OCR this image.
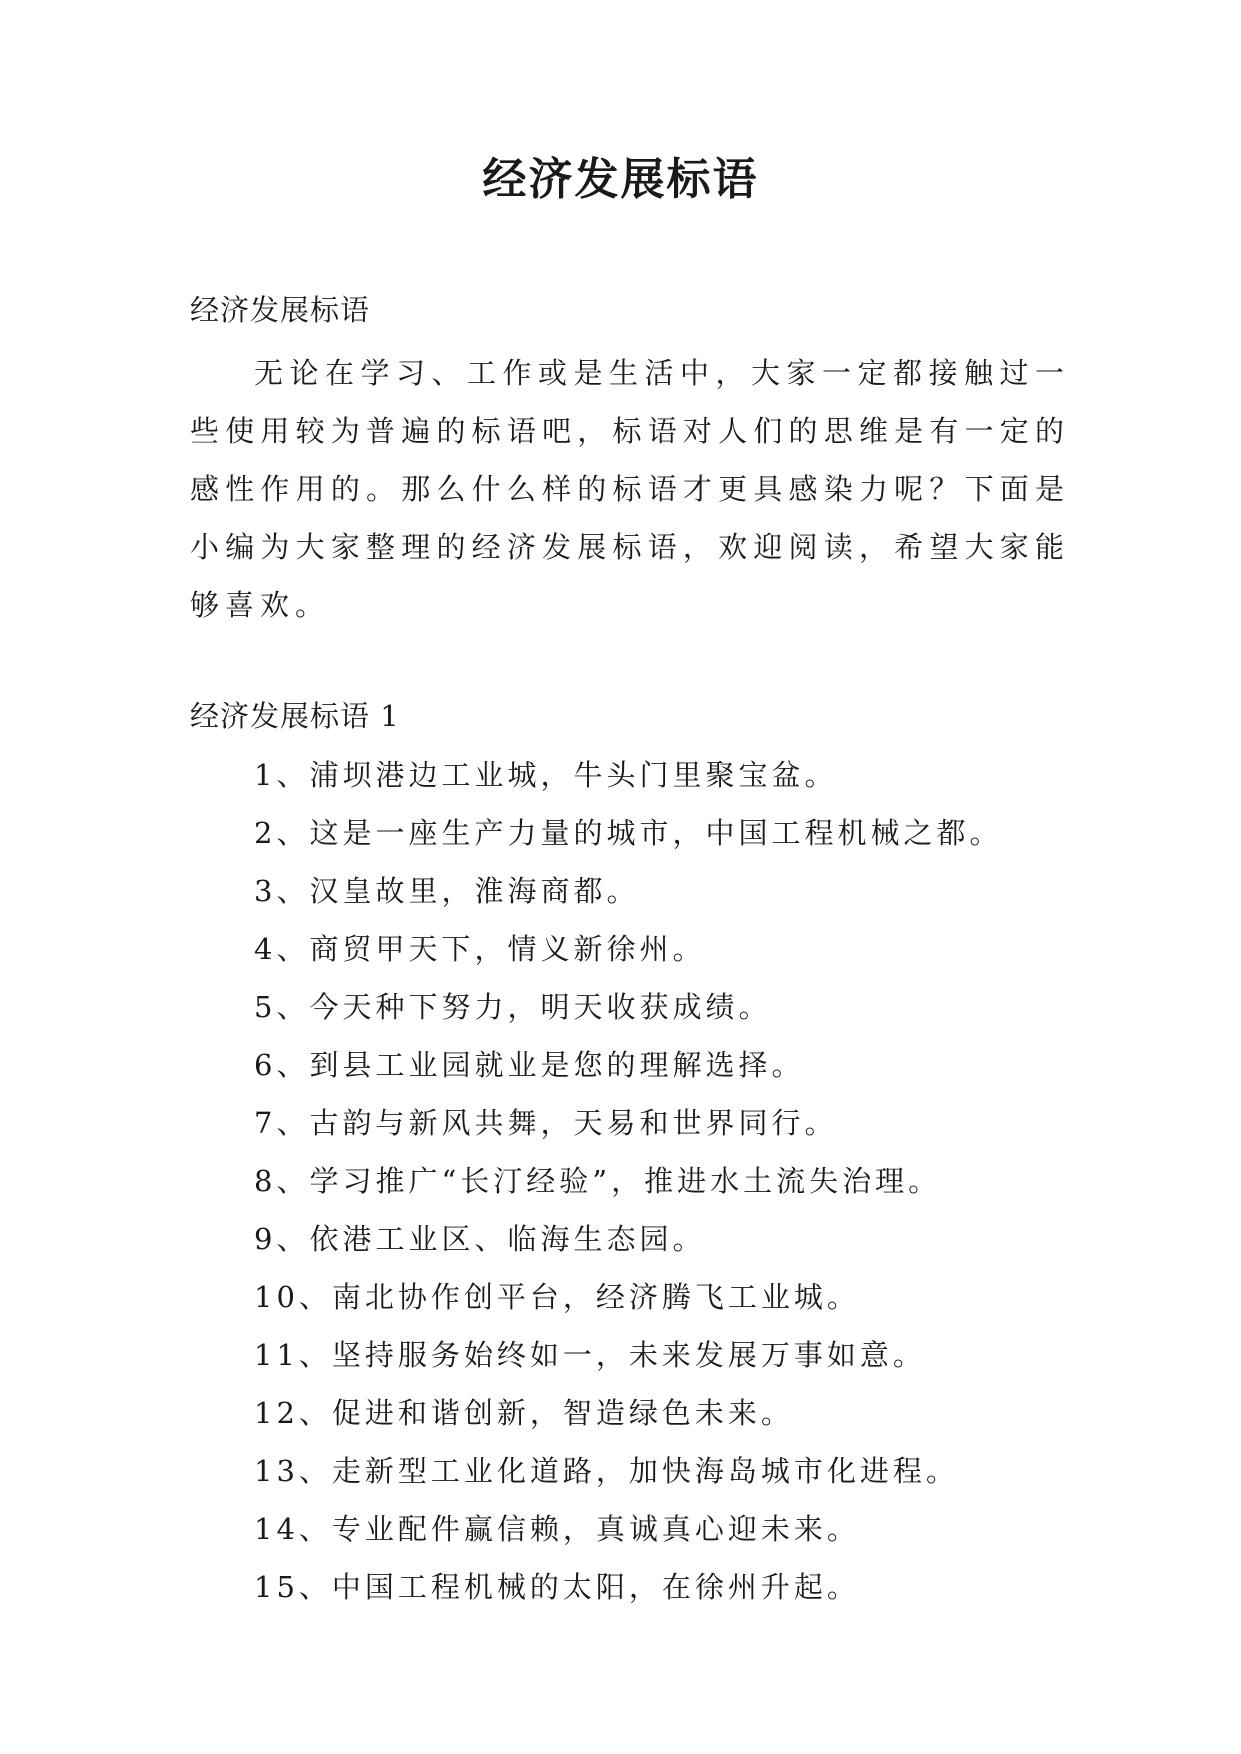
经济发展标语

经济发展标语

无论在学习、工作或是生活中，大家一定都接触过一些使用较为普遍的标语吧，标语对人们的思维是有一定的感性作用的。那么什么样的标语才更具感染力呢？下面是小编为大家整理的经济发展标语，欢迎阅读，希望大家能够喜欢。

经济发展标语 1

1、浦坝港边工业城，牛头门里聚宝盆。
2、这是一座生产力量的城市，中国工程机械之都。
3、汉皇故里，淮海商都。
4、商贸甲天下，情义新徐州。
5、今天种下努力，明天收获成绩。
6、到县工业园就业是您的理解选择。
7、古韵与新风共舞，天易和世界同行。
8、学习推广“长汀经验”，推进水土流失治理。
9、依港工业区、临海生态园。
10、南北协作创平台，经济腾飞工业城。
11、坚持服务始终如一，未来发展万事如意。
12、促进和谐创新，智造绿色未来。
13、走新型工业化道路，加快海岛城市化进程。
14、专业配件赢信赖，真诚真心迎未来。
15、中国工程机械的太阳，在徐州升起。
